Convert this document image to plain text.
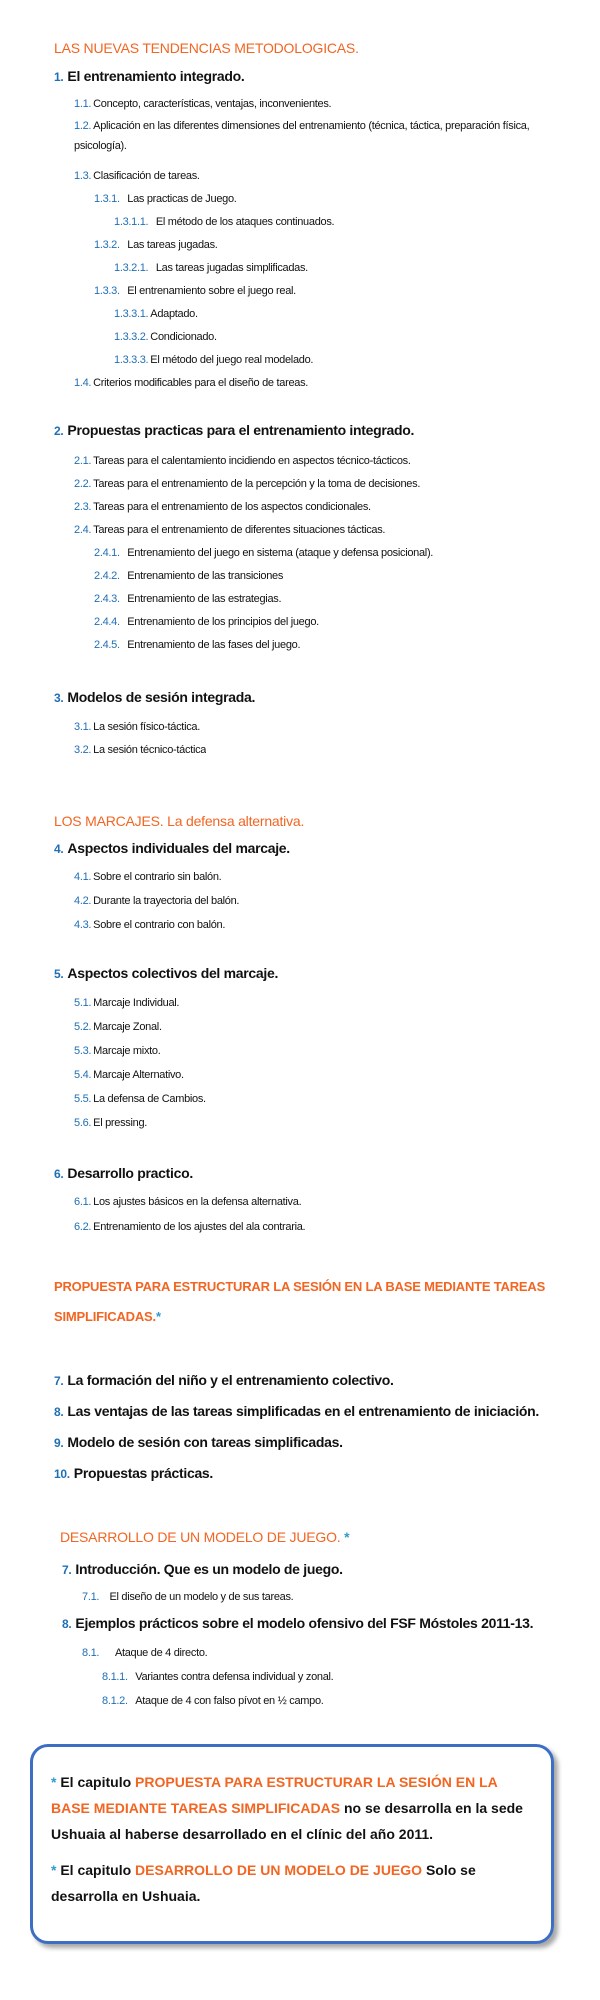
LAS NUEVAS TENDENCIAS METODOLOGICAS.
1. El entrenamiento integrado.
1.1. Concepto, características, ventajas, inconvenientes.
1.2. Aplicación en las diferentes dimensiones del entrenamiento (técnica, táctica, preparación física, psicología).
1.3. Clasificación de tareas.
1.3.1. Las practicas de Juego.
1.3.1.1. El método de los ataques continuados.
1.3.2. Las tareas jugadas.
1.3.2.1. Las tareas jugadas simplificadas.
1.3.3. El entrenamiento sobre el juego real.
1.3.3.1. Adaptado.
1.3.3.2. Condicionado.
1.3.3.3. El método del juego real modelado.
1.4. Criterios modificables para el diseño de tareas.
2. Propuestas practicas para el entrenamiento integrado.
2.1. Tareas para el calentamiento incidiendo en aspectos técnico-tácticos.
2.2. Tareas para el entrenamiento de la percepción y la toma de decisiones.
2.3. Tareas para el entrenamiento de los aspectos condicionales.
2.4. Tareas para el entrenamiento de diferentes situaciones tácticas.
2.4.1. Entrenamiento del juego en sistema (ataque y defensa posicional).
2.4.2. Entrenamiento de las transiciones
2.4.3. Entrenamiento de las estrategias.
2.4.4. Entrenamiento de los principios del juego.
2.4.5. Entrenamiento de las fases del juego.
3. Modelos de sesión integrada.
3.1. La sesión físico-táctica.
3.2. La sesión técnico-táctica
LOS MARCAJES. La defensa alternativa.
4. Aspectos individuales del marcaje.
4.1. Sobre el contrario sin balón.
4.2. Durante la trayectoria del balón.
4.3. Sobre el contrario con balón.
5. Aspectos colectivos del marcaje.
5.1. Marcaje Individual.
5.2. Marcaje Zonal.
5.3. Marcaje mixto.
5.4. Marcaje Alternativo.
5.5. La defensa de Cambios.
5.6. El pressing.
6. Desarrollo practico.
6.1. Los ajustes básicos en la defensa alternativa.
6.2. Entrenamiento de los ajustes del ala contraria.
PROPUESTA PARA ESTRUCTURAR LA SESIÓN EN LA BASE MEDIANTE TAREAS
SIMPLIFICADAS.*
7. La formación del niño y el entrenamiento colectivo.
8. Las ventajas de las tareas simplificadas en el entrenamiento de iniciación.
9. Modelo de sesión con tareas simplificadas.
10. Propuestas prácticas.
DESARROLLO DE UN MODELO DE JUEGO. *
7. Introducción. Que es un modelo de juego.
7.1. El diseño de un modelo y de sus tareas.
8. Ejemplos prácticos sobre el modelo ofensivo del FSF Móstoles 2011-13.
8.1. Ataque de 4 directo.
8.1.1. Variantes contra defensa individual y zonal.
8.1.2. Ataque de 4 con falso pívot en ½ campo.

* El capitulo PROPUESTA PARA ESTRUCTURAR LA SESIÓN EN LA BASE MEDIANTE TAREAS SIMPLIFICADAS no se desarrolla en la sede Ushuaia al haberse desarrollado en el clínic del año 2011.

* El capitulo DESARROLLO DE UN MODELO DE JUEGO Solo se desarrolla en Ushuaia.
